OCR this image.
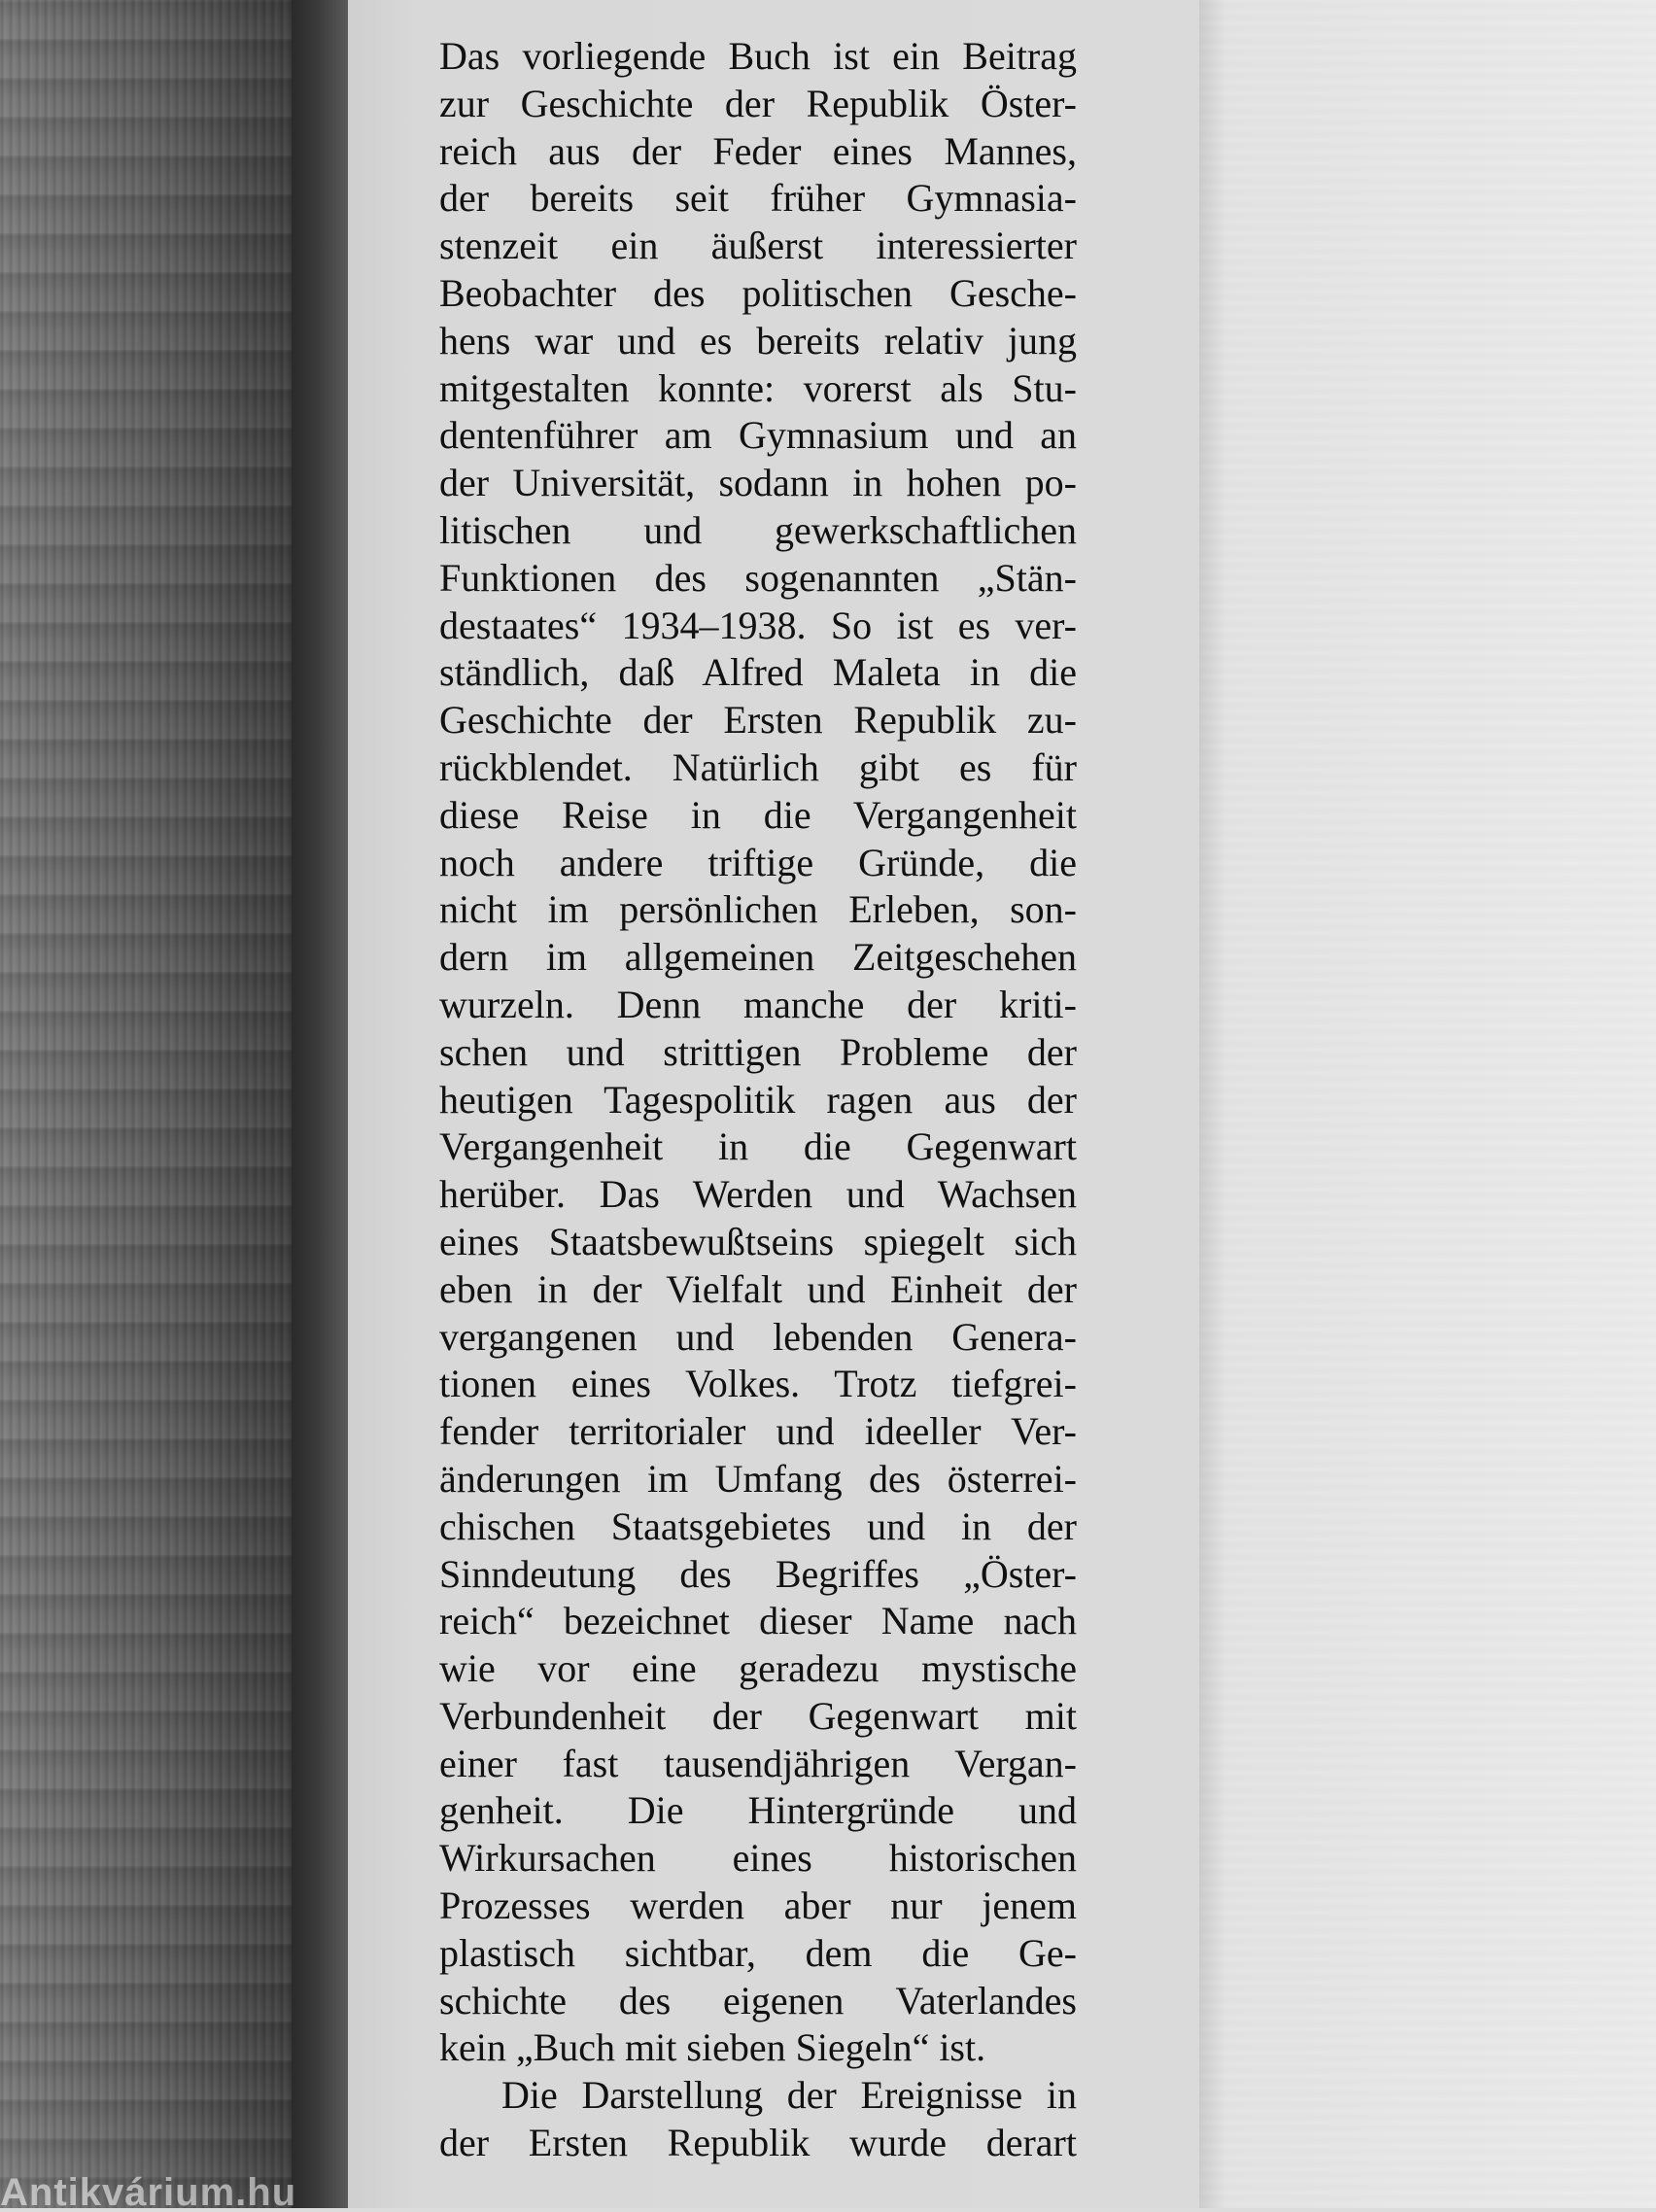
Das vorliegende Buch ist ein Beitrag
zur Geschichte der Republik Öster-
reich aus der Feder eines Mannes,
der bereits seit früher Gymnasia-
stenzeit ein äußerst interessierter
Beobachter des politischen Gesche-
hens war und es bereits relativ jung
mitgestalten konnte: vorerst als Stu-
dentenführer am Gymnasium und an
der Universität, sodann in hohen po-
litischen und gewerkschaftlichen
Funktionen des sogenannten „Stän-
destaates“ 1934–1938. So ist es ver-
ständlich, daß Alfred Maleta in die
Geschichte der Ersten Republik zu-
rückblendet. Natürlich gibt es für
diese Reise in die Vergangenheit
noch andere triftige Gründe, die
nicht im persönlichen Erleben, son-
dern im allgemeinen Zeitgeschehen
wurzeln. Denn manche der kriti-
schen und strittigen Probleme der
heutigen Tagespolitik ragen aus der
Vergangenheit in die Gegenwart
herüber. Das Werden und Wachsen
eines Staatsbewußtseins spiegelt sich
eben in der Vielfalt und Einheit der
vergangenen und lebenden Genera-
tionen eines Volkes. Trotz tiefgrei-
fender territorialer und ideeller Ver-
änderungen im Umfang des österrei-
chischen Staatsgebietes und in der
Sinndeutung des Begriffes „Öster-
reich“ bezeichnet dieser Name nach
wie vor eine geradezu mystische
Verbundenheit der Gegenwart mit
einer fast tausendjährigen Vergan-
genheit. Die Hintergründe und
Wirkursachen eines historischen
Prozesses werden aber nur jenem
plastisch sichtbar, dem die Ge-
schichte des eigenen Vaterlandes
kein „Buch mit sieben Siegeln“ ist.
Die Darstellung der Ereignisse in
der Ersten Republik wurde derart
Antikvárium.hu
